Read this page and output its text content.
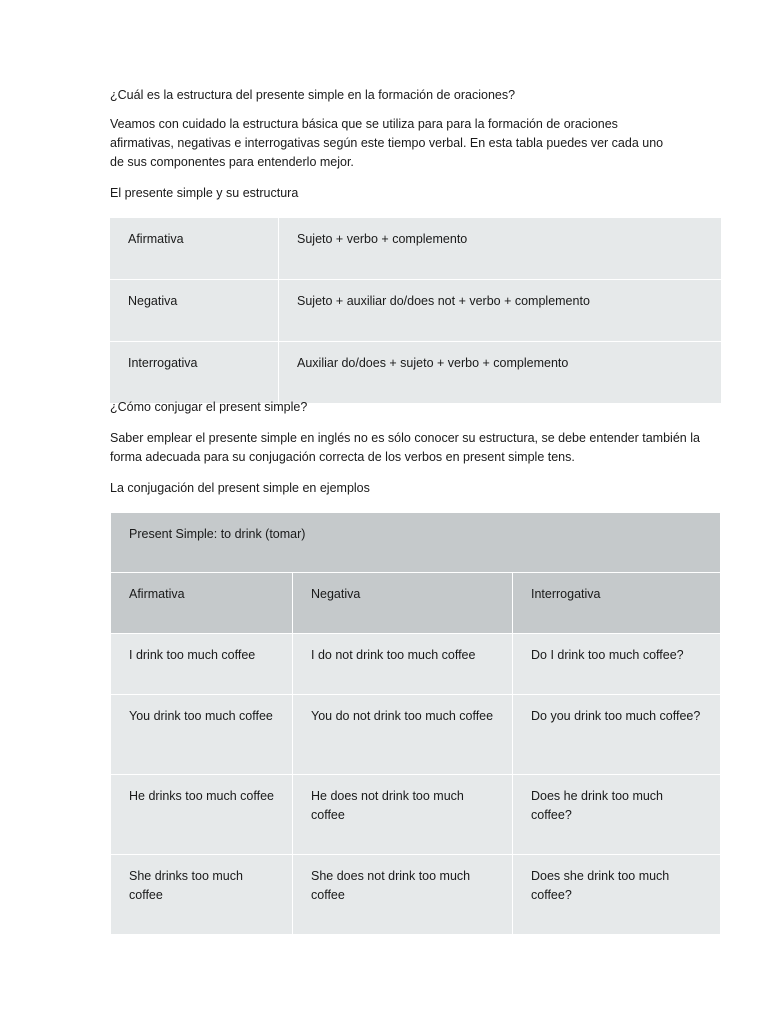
¿Cuál es la estructura del presente simple en la formación de oraciones?

Veamos con cuidado la estructura básica que se utiliza para para la formación de oraciones afirmativas, negativas e interrogativas según este tiempo verbal. En esta tabla puedes ver cada uno de sus componentes para entenderlo mejor.

El presente simple y su estructura

Afirmativa	Sujeto + verbo + complemento
Negativa	Sujeto + auxiliar do/does not + verbo + complemento
Interrogativa	Auxiliar do/does + sujeto + verbo + complemento

¿Cómo conjugar el present simple?

Saber emplear el presente simple en inglés no es sólo conocer su estructura, se debe entender también la forma adecuada para su conjugación correcta de los verbos en present simple tens.

La conjugación del present simple en ejemplos

Present Simple: to drink (tomar)		
Afirmativa	Negativa	Interrogativa
I drink too much coffee	I do not drink too much coffee	Do I drink too much coffee?
You drink too much coffee	You do not drink too much coffee	Do you drink too much coffee?
He drinks too much coffee	He does not drink too much coffee	Does he drink too much coffee?
She drinks too much coffee	She does not drink too much coffee	Does she drink too much coffee?
